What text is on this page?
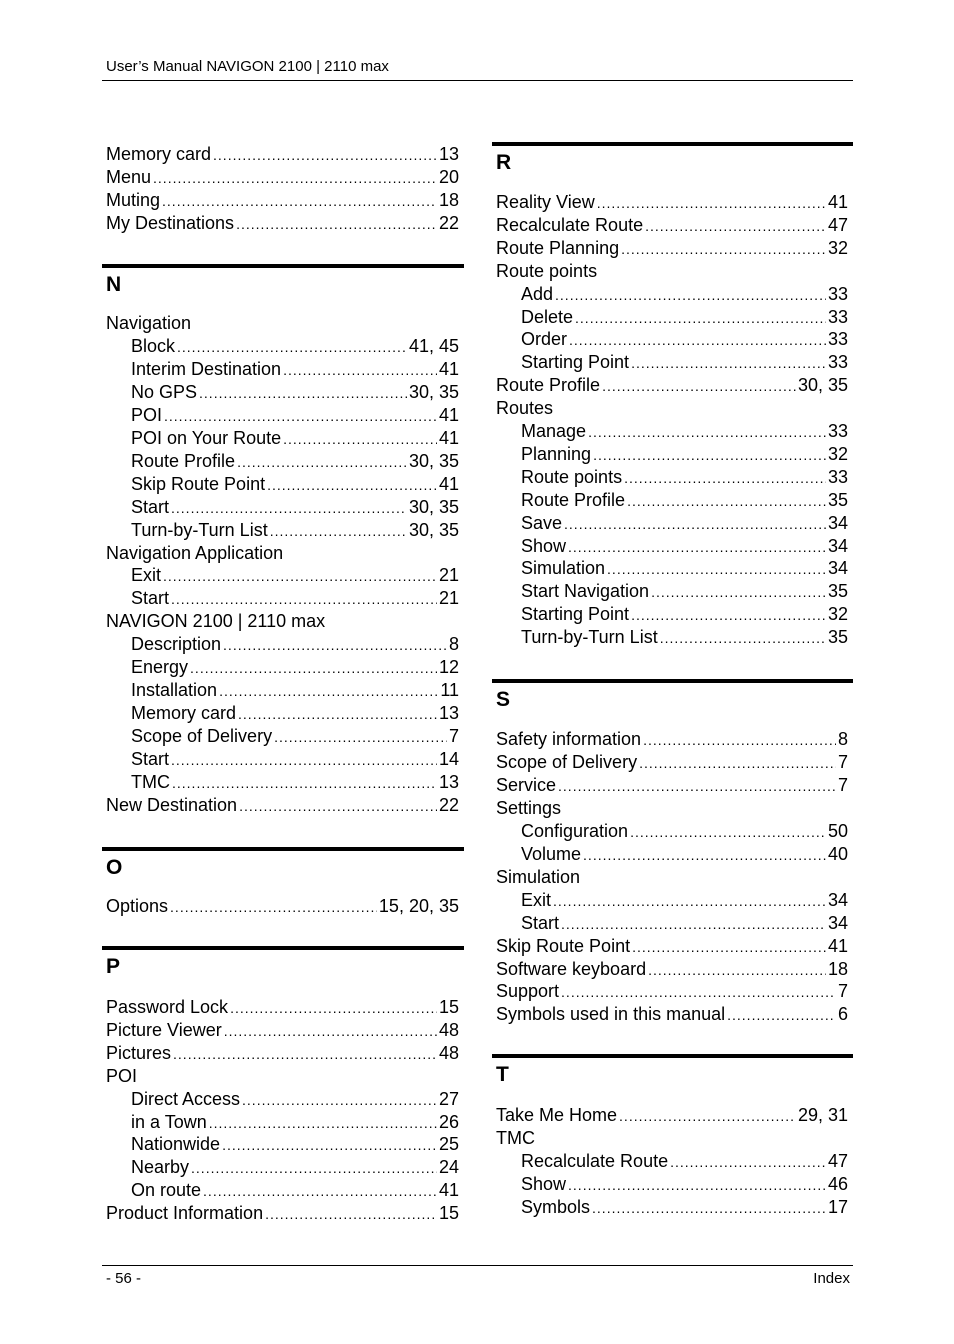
User’s Manual NAVIGON 2100 | 2110 max
N
O
P
Memory card .....	13
Menu .....	20
Muting .....	18
My Destinations .....	22
Navigation
Block .....	41, 45
Interim Destination .....	41
No GPS .....	30, 35
POI .....	41
POI on Your Route .....	41
Route Profile .....	30, 35
Skip Route Point .....	41
Start .....	30, 35
Turn-by-Turn List .....	30, 35
Navigation Application
Exit .....	21
Start .....	21
NAVIGON 2100 | 2110 max
Description .....	8
Energy .....	12
Installation .....	11
Memory card .....	13
Scope of Delivery .....	7
Start .....	14
TMC .....	13
New Destination .....	22
Options .....	15, 20, 35
Password Lock .....	15
Picture Viewer .....	48
Pictures .....	48
POI
Direct Access .....	27
in a Town .....	26
Nationwide .....	25
Nearby .....	24
On route .....	41
Product Information .....	15
R
S
T
Reality View .....	41
Recalculate Route .....	47
Route Planning .....	32
Route points
Add .....	33
Delete .....	33
Order .....	33
Starting Point .....	33
Route Profile .....	30, 35
Routes
Manage .....	33
Planning .....	32
Route points .....	33
Route Profile .....	35
Save .....	34
Show .....	34
Simulation .....	34
Start Navigation .....	35
Starting Point .....	32
Turn-by-Turn List .....	35
Safety information .....	8
Scope of Delivery .....	7
Service .....	7
Settings
Configuration .....	50
Volume .....	40
Simulation
Exit .....	34
Start .....	34
Skip Route Point .....	41
Software keyboard .....	18
Support .....	7
Symbols used in this manual .....	6
Take Me Home .....	29, 31
TMC
Recalculate Route .....	47
Show .....	46
Symbols .....	17
- 56 -	Index
